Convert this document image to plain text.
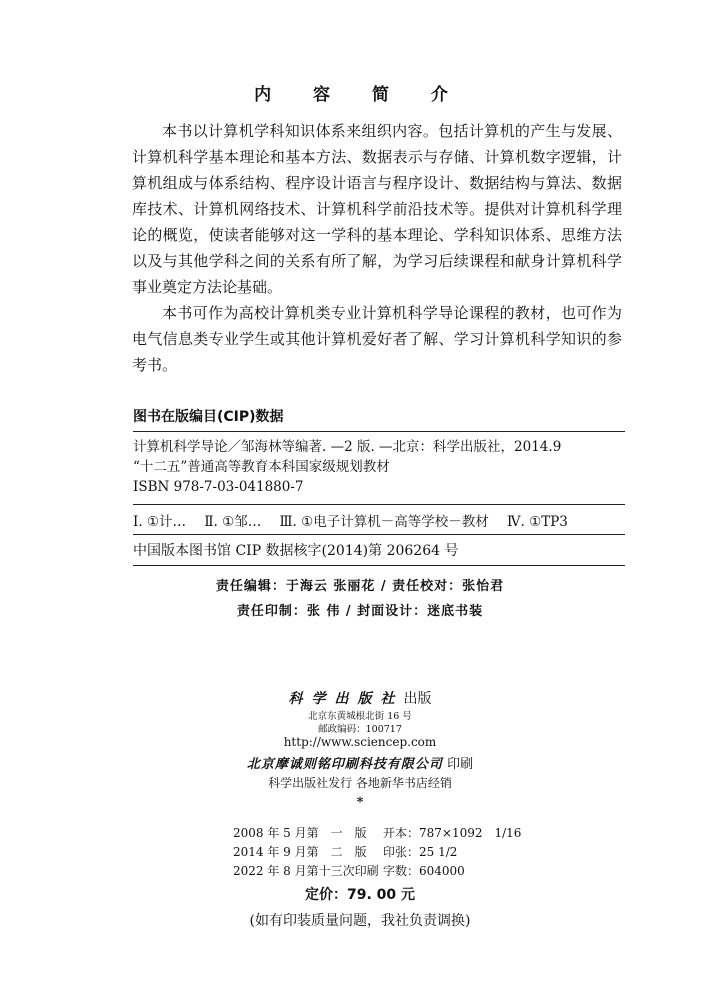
内 容 简 介

本书以计算机学科知识体系来组织内容。包括计算机的产生与发展、计算机科学基本理论和基本方法、数据表示与存储、计算机数字逻辑，计算机组成与体系结构、程序设计语言与程序设计、数据结构与算法、数据库技术、计算机网络技术、计算机科学前沿技术等。提供对计算机科学理论的概览，使读者能够对这一学科的基本理论、学科知识体系、思维方法以及与其他学科之间的关系有所了解，为学习后续课程和献身计算机科学事业奠定方法论基础。

本书可作为高校计算机类专业计算机科学导论课程的教材，也可作为电气信息类专业学生或其他计算机爱好者了解、学习计算机科学知识的参考书。

图书在版编目(CIP)数据
计算机科学导论／邹海林等编著. —2 版. —北京：科学出版社，2014.9
“十二五”普通高等教育本科国家级规划教材
ISBN 978-7-03-041880-7
Ⅰ. ①计… Ⅱ. ①邹… Ⅲ. ①电子计算机－高等学校－教材 Ⅳ. ①TP3
中国版本图书馆 CIP 数据核字(2014)第 206264 号
责任编辑：于海云 张丽花 / 责任校对：张怡君
责任印制：张 伟 / 封面设计：迷底书装
科学出版社出版
北京东黄城根北街 16 号
邮政编码：100717
http://www.sciencep.com
北京摩诚则铭印刷科技有限公司 印刷
科学出版社发行 各地新华书店经销
*
2008 年 5 月第　一　版 开本：787×1092　1/16
2014 年 9 月第　二　版 印张：25 1/2
2022 年 8 月第十三次印刷 字数：604000
定价：79. 00 元
(如有印装质量问题，我社负责调换)
